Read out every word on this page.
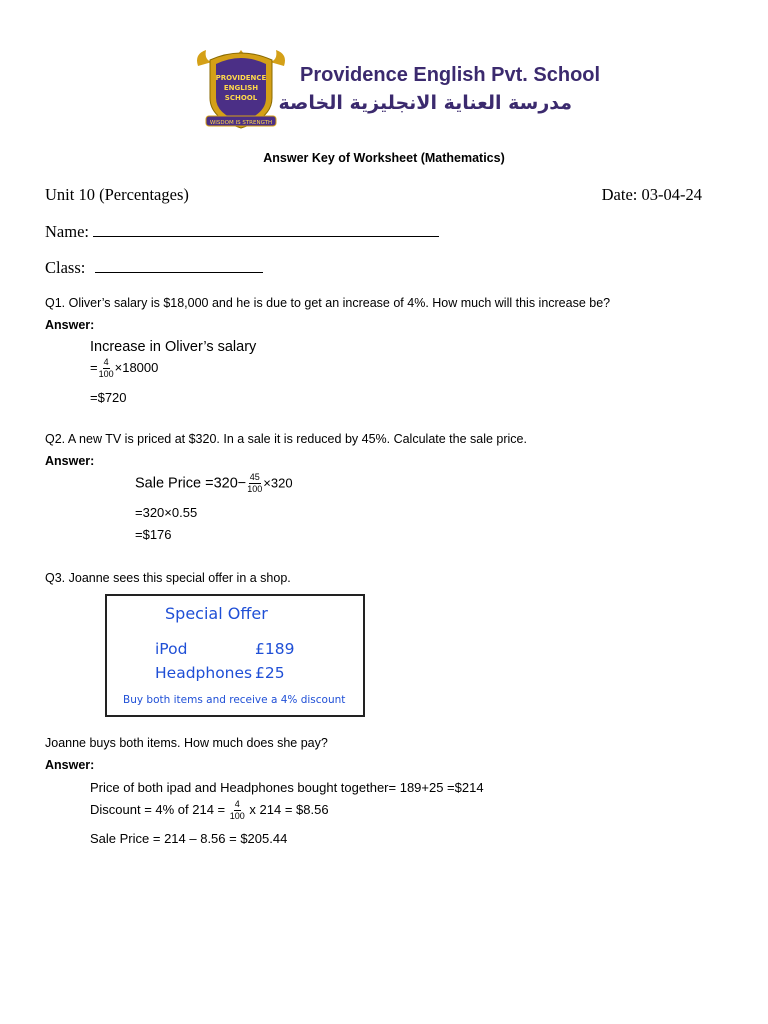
PROVIDENCE
ENGLISH
SCHOOL
WISDOM IS STRENGTH
Providence English Pvt. School
مدرسة العناية الانجليزية الخاصة
Answer Key of Worksheet (Mathematics)
Unit 10 (Percentages)	Date: 03-04-24
Name:
Class:
Q1. Oliver’s salary is $18,000 and he is due to get an increase of 4%. How much will this increase be?
Answer:
Increase in Oliver’s salary
= $\frac{4}{100} \times 18000$
=$720
Q2. A new TV is priced at $320. In a sale it is reduced by 45%. Calculate the sale price.
Answer:
Sale Price $=320- \frac{45}{100} \times 320$
=320×0.55
=$176
Q3. Joanne sees this special offer in a shop.
Special Offer
iPod	£189
Headphones £25
Buy both items and receive a 4% discount
Joanne buys both items. How much does she pay?
Answer:
Price of both ipad and Headphones bought together= 189+25 =$214
Discount = 4% of $214 = \frac{4}{100}$ x 214 = $8.56
Sale Price = 214 – 8.56 = $205.44
